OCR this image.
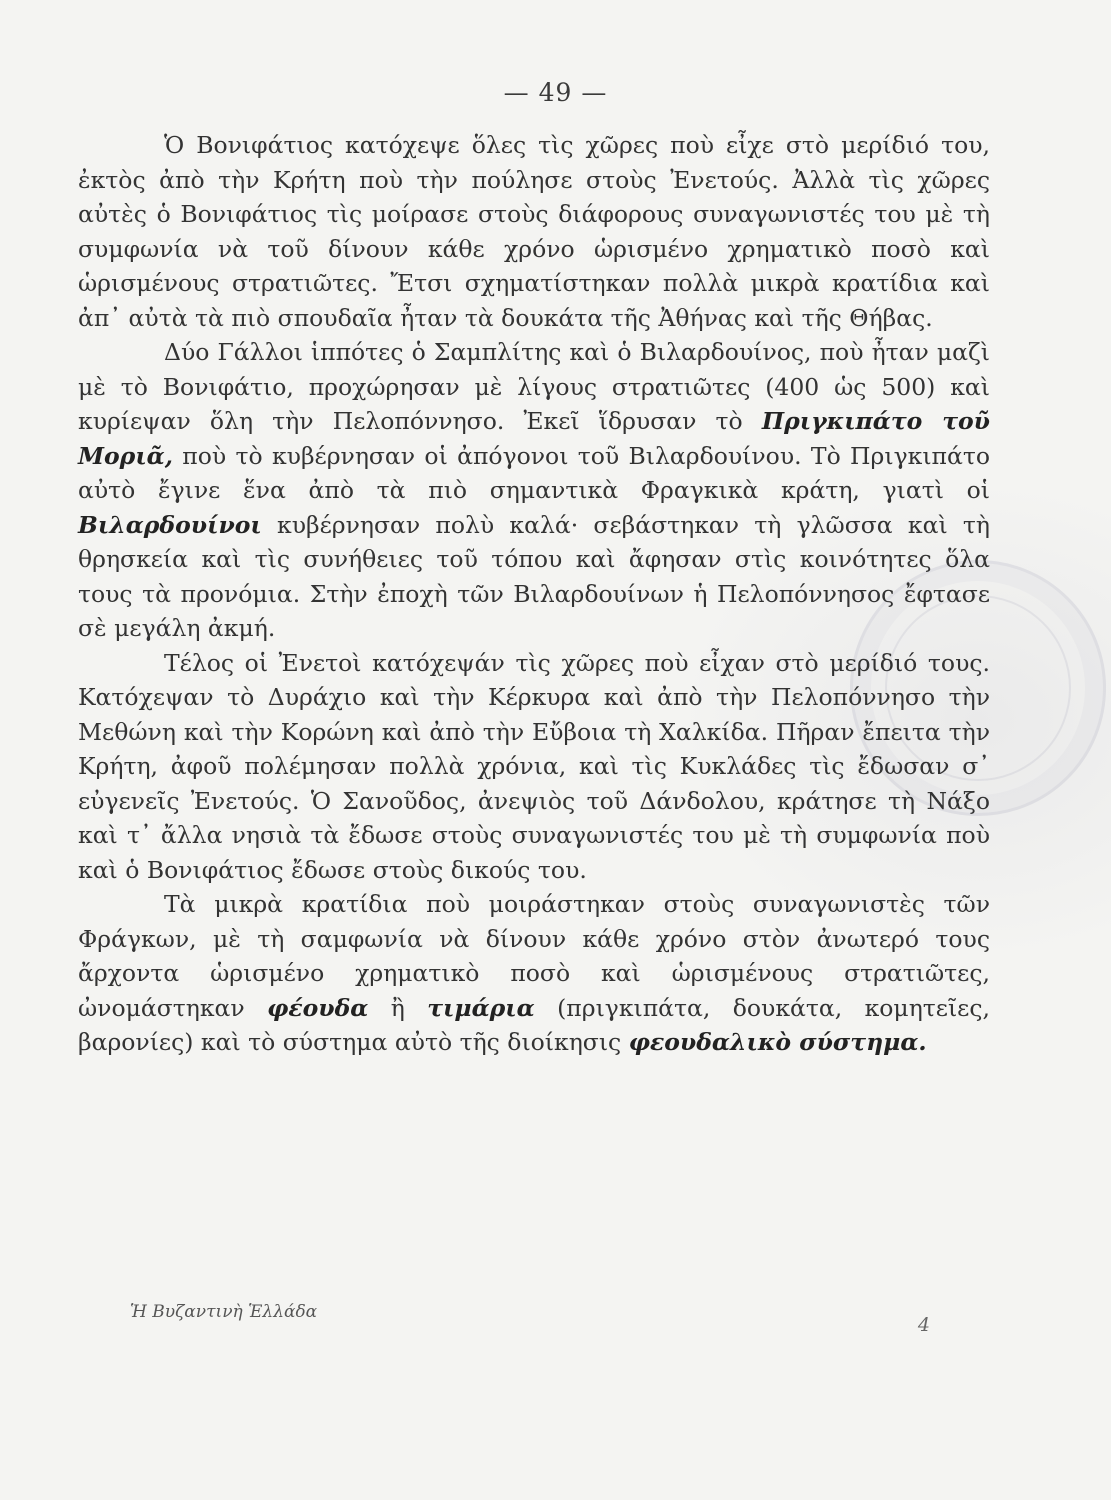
— 49 —

Ὁ Βονιφάτιος κατόχεψε ὅλες τὶς χῶρες ποὺ εἶχε στὸ μερίδιό του, ἐκτὸς ἀπὸ τὴν Κρήτη ποὺ τὴν πούλησε στοὺς Ἐνετούς. Ἀλλὰ τὶς χῶρες αὐτὲς ὁ Βονιφάτιος τὶς μοίρασε στοὺς διάφορους συναγωνιστές του μὲ τὴ συμφωνία νὰ τοῦ δίνουν κάθε χρόνο ὡρισμένο χρηματικὸ ποσὸ καὶ ὡρισμένους στρατιῶτες. Ἔτσι σχηματίστηκαν πολλὰ μικρὰ κρατίδια καὶ ἀπ᾿ αὐτὰ τὰ πιὸ σπουδαῖα ἦταν τὰ δουκάτα τῆς Ἀθήνας καὶ τῆς Θήβας.

Δύο Γάλλοι ἱππότες ὁ Σαμπλίτης καὶ ὁ Βιλαρδουίνος, ποὺ ἦταν μαζὶ μὲ τὸ Βονιφάτιο, προχώρησαν μὲ λίγους στρατιῶτες (400 ὡς 500) καὶ κυρίεψαν ὅλη τὴν Πελοπόννησο. Ἐκεῖ ἵδρυσαν τὸ Πριγκιπάτο τοῦ Μοριᾶ, ποὺ τὸ κυβέρνησαν οἱ ἀπόγονοι τοῦ Βιλαρδουίνου. Τὸ Πριγκιπάτο αὐτὸ ἔγινε ἕνα ἀπὸ τὰ πιὸ σημαντικὰ Φραγκικὰ κράτη, γιατὶ οἱ Βιλαρδουίνοι κυβέρνησαν πολὺ καλά· σεβάστηκαν τὴ γλῶσσα καὶ τὴ θρησκεία καὶ τὶς συνήθειες τοῦ τόπου καὶ ἄφησαν στὶς κοινότητες ὅλα τους τὰ προνόμια. Στὴν ἐποχὴ τῶν Βιλαρδουίνων ἡ Πελοπόννησος ἔφτασε σὲ μεγάλη ἀκμή.

Τέλος οἱ Ἐνετοὶ κατόχεψάν τὶς χῶρες ποὺ εἶχαν στὸ μερίδιό τους. Κατόχεψαν τὸ Δυράχιο καὶ τὴν Κέρκυρα καὶ ἀπὸ τὴν Πελοπόννησο τὴν Μεθώνη καὶ τὴν Κορώνη καὶ ἀπὸ τὴν Εὔβοια τὴ Χαλκίδα. Πῆραν ἔπειτα τὴν Κρήτη, ἀφοῦ πολέμησαν πολλὰ χρόνια, καὶ τὶς Κυκλάδες τὶς ἔδωσαν σ᾿ εὐγενεῖς Ἐνετούς. Ὁ Σανοῦδος, ἀνεψιὸς τοῦ Δάνδολου, κράτησε τὴ Νάξο καὶ τ᾿ ἄλλα νησιὰ τὰ ἔδωσε στοὺς συναγωνιστές του μὲ τὴ συμφωνία ποὺ καὶ ὁ Βονιφάτιος ἔδωσε στοὺς δικούς του.

Τὰ μικρὰ κρατίδια ποὺ μοιράστηκαν στοὺς συναγωνιστὲς τῶν Φράγκων, μὲ τὴ σαμφωνία νὰ δίνουν κάθε χρόνο στὸν ἀνωτερό τους ἄρχοντα ὡρισμένο χρηματικὸ ποσὸ καὶ ὡρισμένους στρατιῶτες, ὠνομάστηκαν φέουδα ἢ τιμάρια (πριγκιπάτα, δουκάτα, κομητεῖες, βαρονίες) καὶ τὸ σύστημα αὐτὸ τῆς διοίκησις φεουδαλικὸ σύστημα.

Ἡ Βυζαντινὴ Ἑλλάδα
4
